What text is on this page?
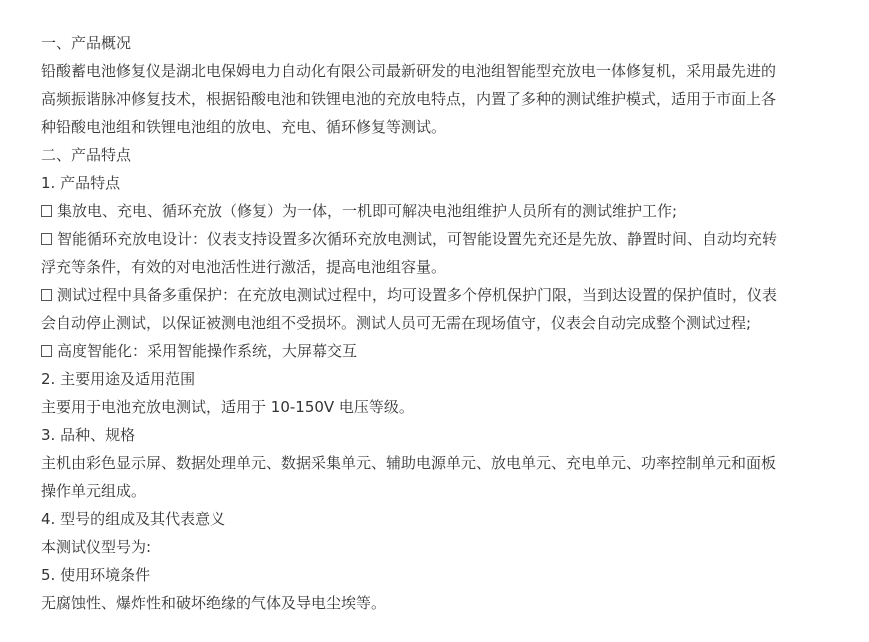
一、产品概况

铅酸蓄电池修复仪是湖北电保姆电力自动化有限公司最新研发的电池组智能型充放电一体修复机，采用最先进的高频振谐脉冲修复技术，根据铅酸电池和铁锂电池的充放电特点，内置了多种的测试维护模式，适用于市面上各种铅酸电池组和铁锂电池组的放电、充电、循环修复等测试。

二、产品特点

1. 产品特点

集放电、充电、循环充放（修复）为一体，一机即可解决电池组维护人员所有的测试维护工作;

智能循环充放电设计：仪表支持设置多次循环充放电测试，可智能设置先充还是先放、静置时间、自动均充转浮充等条件，有效的对电池活性进行激活，提高电池组容量。

测试过程中具备多重保护：在充放电测试过程中，均可设置多个停机保护门限，当到达设置的保护值时，仪表会自动停止测试，以保证被测电池组不受损坏。测试人员可无需在现场值守，仪表会自动完成整个测试过程;

高度智能化：采用智能操作系统，大屏幕交互

2. 主要用途及适用范围

主要用于电池充放电测试，适用于 10-150V 电压等级。

3. 品种、规格

主机由彩色显示屏、数据处理单元、数据采集单元、辅助电源单元、放电单元、充电单元、功率控制单元和面板操作单元组成。

4. 型号的组成及其代表意义

本测试仪型号为:

5. 使用环境条件

无腐蚀性、爆炸性和破坏绝缘的气体及导电尘埃等。
